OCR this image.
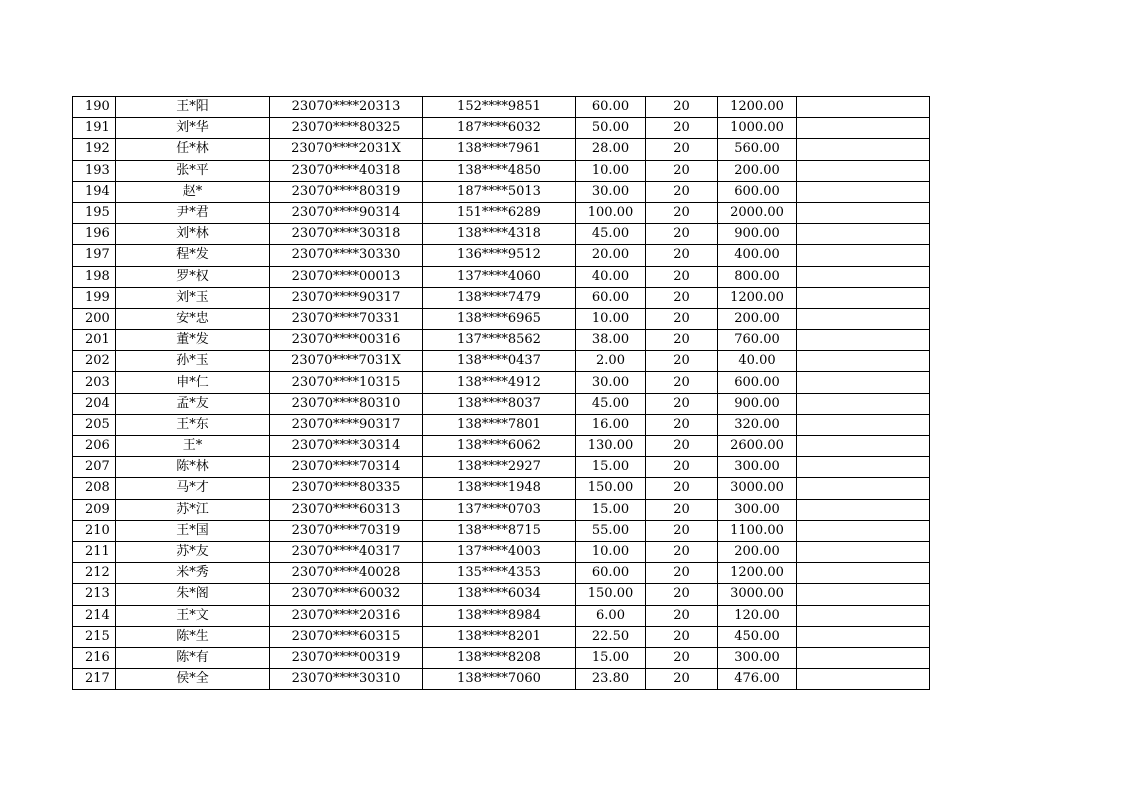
190	王*阳	23070****20313	152****9851	60.00	20	1200.00	
191	刘*华	23070****80325	187****6032	50.00	20	1000.00	
192	任*林	23070****2031X	138****7961	28.00	20	560.00	
193	张*平	23070****40318	138****4850	10.00	20	200.00	
194	赵*	23070****80319	187****5013	30.00	20	600.00	
195	尹*君	23070****90314	151****6289	100.00	20	2000.00	
196	刘*林	23070****30318	138****4318	45.00	20	900.00	
197	程*发	23070****30330	136****9512	20.00	20	400.00	
198	罗*权	23070****00013	137****4060	40.00	20	800.00	
199	刘*玉	23070****90317	138****7479	60.00	20	1200.00	
200	安*忠	23070****70331	138****6965	10.00	20	200.00	
201	董*发	23070****00316	137****8562	38.00	20	760.00	
202	孙*玉	23070****7031X	138****0437	2.00	20	40.00	
203	申*仁	23070****10315	138****4912	30.00	20	600.00	
204	孟*友	23070****80310	138****8037	45.00	20	900.00	
205	王*东	23070****90317	138****7801	16.00	20	320.00	
206	王*	23070****30314	138****6062	130.00	20	2600.00	
207	陈*林	23070****70314	138****2927	15.00	20	300.00	
208	马*才	23070****80335	138****1948	150.00	20	3000.00	
209	苏*江	23070****60313	137****0703	15.00	20	300.00	
210	王*国	23070****70319	138****8715	55.00	20	1100.00	
211	苏*友	23070****40317	137****4003	10.00	20	200.00	
212	米*秀	23070****40028	135****4353	60.00	20	1200.00	
213	朱*阁	23070****60032	138****6034	150.00	20	3000.00	
214	王*文	23070****20316	138****8984	6.00	20	120.00	
215	陈*生	23070****60315	138****8201	22.50	20	450.00	
216	陈*有	23070****00319	138****8208	15.00	20	300.00	
217	侯*全	23070****30310	138****7060	23.80	20	476.00	
